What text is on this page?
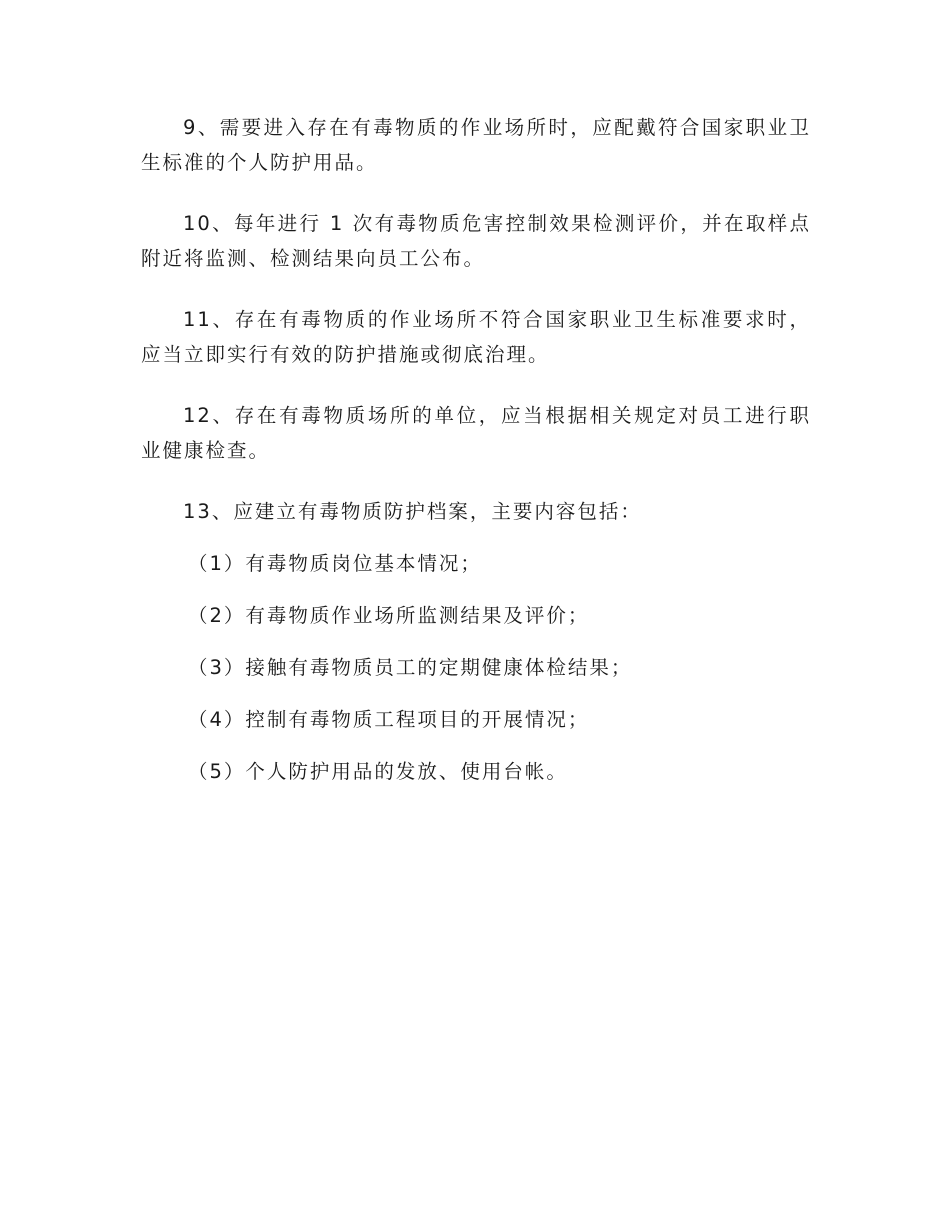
9、需要进入存在有毒物质的作业场所时，应配戴符合国家职业卫生标准的个人防护用品。

10、每年进行 1 次有毒物质危害控制效果检测评价，并在取样点附近将监测、检测结果向员工公布。

11、存在有毒物质的作业场所不符合国家职业卫生标准要求时，应当立即实行有效的防护措施或彻底治理。

12、存在有毒物质场所的单位，应当根据相关规定对员工进行职业健康检查。

13、应建立有毒物质防护档案，主要内容包括：

（1）有毒物质岗位基本情况；

（2）有毒物质作业场所监测结果及评价；

（3）接触有毒物质员工的定期健康体检结果；

（4）控制有毒物质工程项目的开展情况；

（5）个人防护用品的发放、使用台帐。
